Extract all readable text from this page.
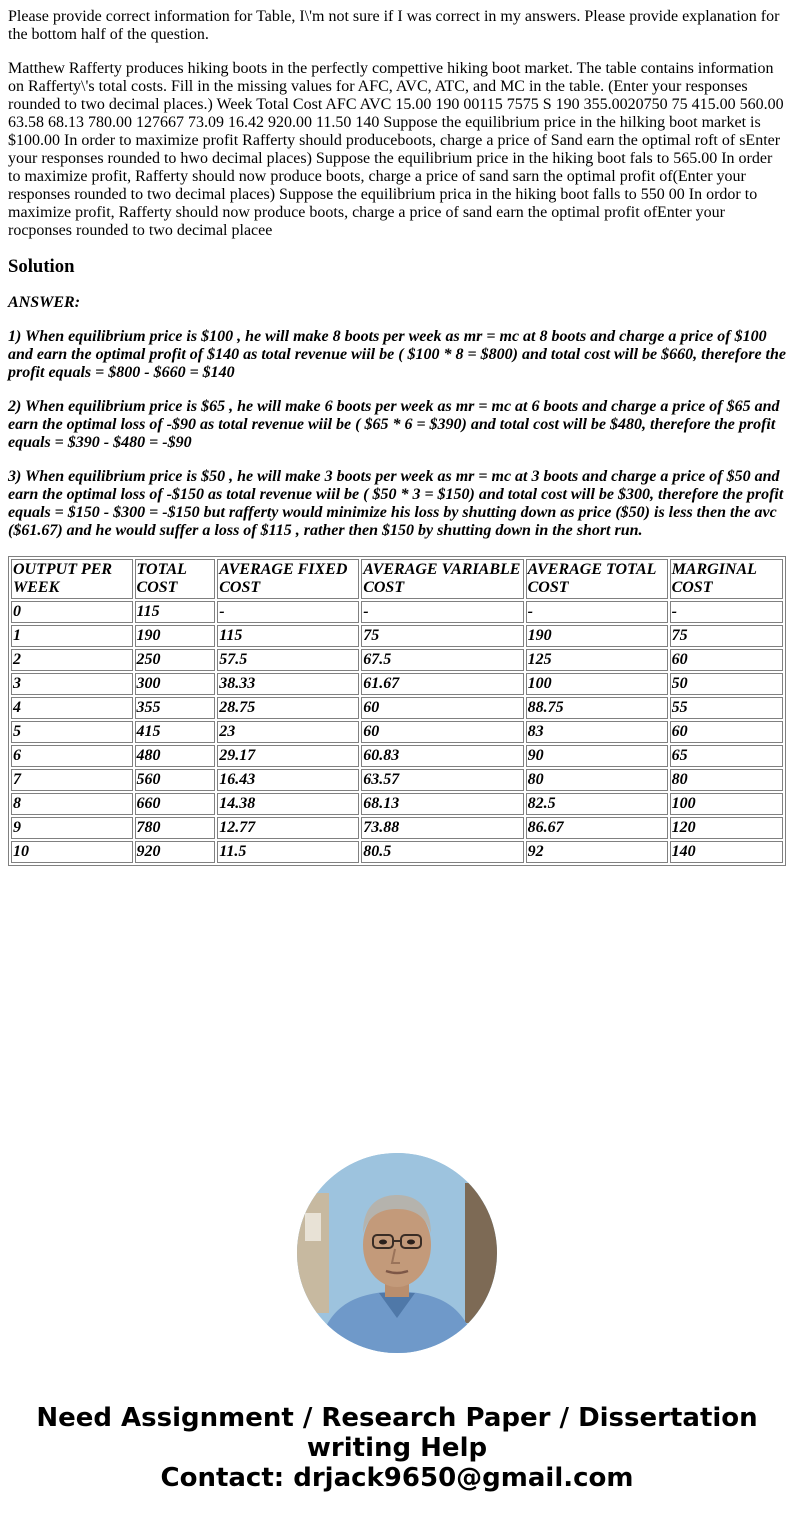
Please provide correct information for Table, I\'m not sure if I was correct in my answers. Please provide explanation for the bottom half of the question.

Matthew Rafferty produces hiking boots in the perfectly compettive hiking boot market. The table contains information on Rafferty\'s total costs. Fill in the missing values for AFC, AVC, ATC, and MC in the table. (Enter your responses rounded to two decimal places.) Week Total Cost AFC AVC 15.00 190 00115 7575 S 190 355.0020750 75 415.00 560.00 63.58 68.13 780.00 127667 73.09 16.42 920.00 11.50 140 Suppose the equilibrium price in the hilking boot market is $100.00 In order to maximize profit Rafferty should produceboots, charge a price of Sand earn the optimal roft of sEnter your responses rounded to hwo decimal places) Suppose the equilibrium price in the hiking boot fals to 565.00 In order to maximize profit, Rafferty should now produce boots, charge a price of sand sarn the optimal profit of(Enter your responses rounded to two decimal places) Suppose the equilibrium prica in the hiking boot falls to 550 00 In ordor to maximize profit, Rafferty should now produce boots, charge a price of sand earn the optimal profit ofEnter your rocponses rounded to two decimal placee

Solution

ANSWER:

1) When equilibrium price is $100 , he will make 8 boots per week as mr = mc at 8 boots and charge a price of $100 and earn the optimal profit of $140 as total revenue wiil be ( $100 * 8 = $800) and total cost will be $660, therefore the profit equals = $800 - $660 = $140

2) When equilibrium price is $65 , he will make 6 boots per week as mr = mc at 6 boots and charge a price of $65 and earn the optimal loss of -$90 as total revenue wiil be ( $65 * 6 = $390) and total cost will be $480, therefore the profit equals = $390 - $480 = -$90

3) When equilibrium price is $50 , he will make 3 boots per week as mr = mc at 3 boots and charge a price of $50 and earn the optimal loss of -$150 as total revenue wiil be ( $50 * 3 = $150) and total cost will be $300, therefore the profit equals = $150 - $300 = -$150 but rafferty would minimize his loss by shutting down as price ($50) is less then the avc ($61.67) and he would suffer a loss of $115 , rather then $150 by shutting down in the short run.

OUTPUT PER WEEK	TOTAL COST	AVERAGE FIXED COST	AVERAGE VARIABLE COST	AVERAGE TOTAL COST	MARGINAL COST
0	115	-	-	-	-
1	190	115	75	190	75
2	250	57.5	67.5	125	60
3	300	38.33	61.67	100	50
4	355	28.75	60	88.75	55
5	415	23	60	83	60
6	480	29.17	60.83	90	65
7	560	16.43	63.57	80	80
8	660	14.38	68.13	82.5	100
9	780	12.77	73.88	86.67	120
10	920	11.5	80.5	92	140
Need Assignment / Research Paper / Dissertation
writing Help
Contact: drjack9650@gmail.com
